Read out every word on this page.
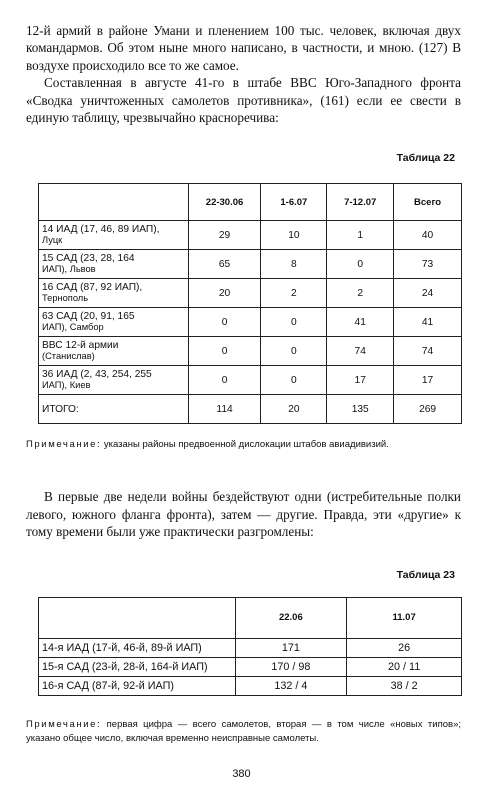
12-й армий в районе Умани и пленением 100 тыс. человек, включая двух командармов. Об этом ныне много написано, в частности, и мною. (127) В воздухе происходило все то же самое.

Составленная в августе 41-го в штабе ВВС Юго-Западного фронта «Сводка уничтоженных самолетов противника», (161) если ее свести в единую таблицу, чрезвычайно красноречива:

Таблица 22

	22-30.06	1-6.07	7-12.07	Всего

14 ИАД (17, 46, 89 ИАП),
Луцк	29	10	1	40

15 САД (23, 28, 164
ИАП), Львов	65	8	0	73

16 САД (87, 92 ИАП),
Тернополь	20	2	2	24

63 САД (20, 91, 165
ИАП), Самбор	0	0	41	41

ВВС 12-й армии
(Станислав)	0	0	74	74

36 ИАД (2, 43, 254, 255
ИАП), Киев	0	0	17	17
ИТОГО:	114	20	135	269

Примечание: указаны районы предвоенной дислокации штабов авиадивизий.

В первые две недели войны бездействуют одни (истребительные полки левого, южного фланга фронта), затем — другие. Правда, эти «другие» к тому времени были уже практически разгромлены:

Таблица 23

	22.06	11.07
14-я ИАД (17-й, 46-й, 89-й ИАП)	171	26
15-я САД (23-й, 28-й, 164-й ИАП)	170 / 98	20 / 11
16-я САД (87-й, 92-й ИАП)	132 / 4	38 / 2

Примечание: первая цифра — всего самолетов, вторая — в том числе «новых типов»; указано общее число, включая временно неисправные самолеты.

380
